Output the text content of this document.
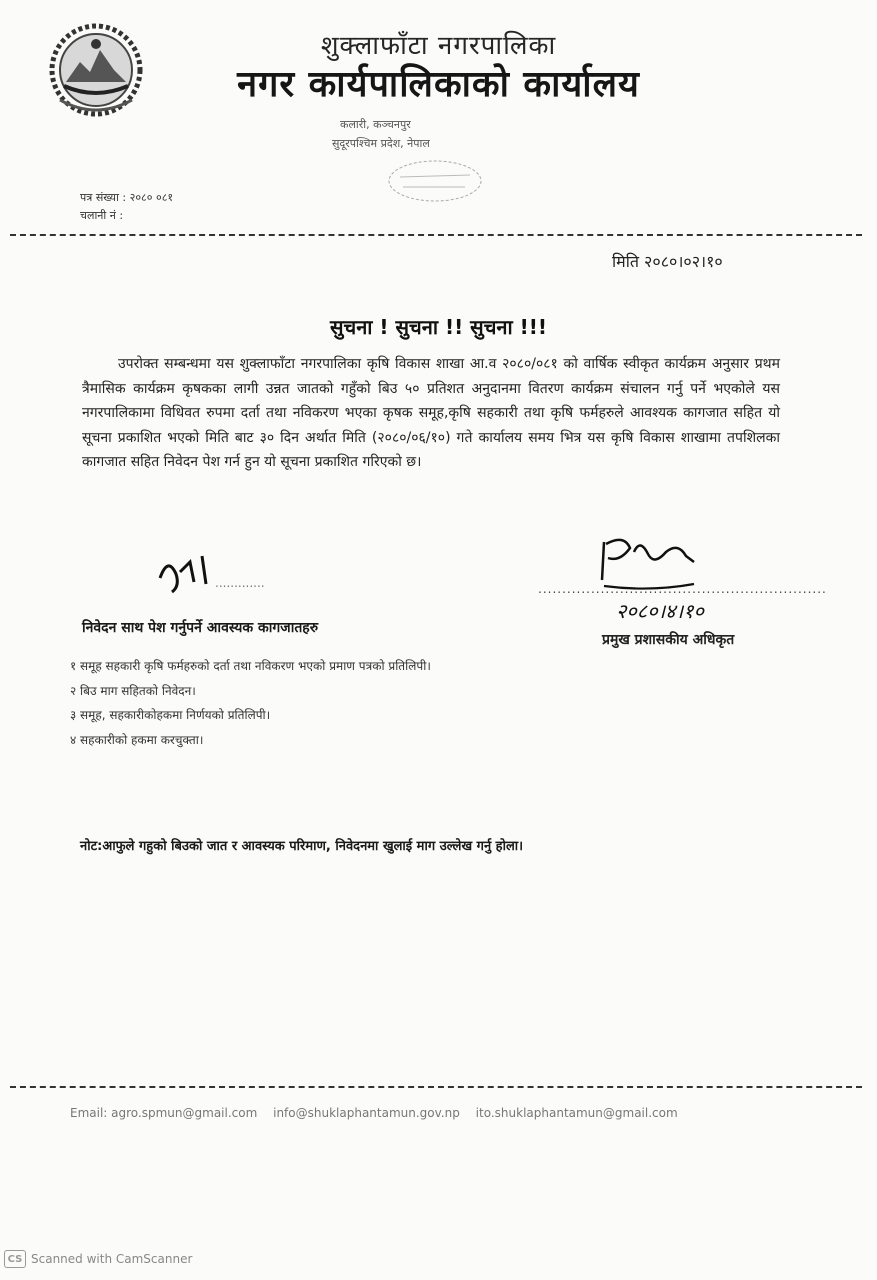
शुक्लाफाँटा नगरपालिका
नगर कार्यपालिकाको कार्यालय
कलारी, कञ्चनपुर
सुदूरपश्चिम प्रदेश, नेपाल
पत्र संख्या : २०८० ०८१
चलानी नं :
मिति २०८०।०२।१०
सुचना ! सुचना !! सुचना !!!
उपरोक्त सम्बन्धमा यस शुक्लाफाँटा नगरपालिका कृषि विकास शाखा आ.व २०८०/०८१ को वार्षिक स्वीकृत कार्यक्रम अनुसार प्रथम त्रैमासिक कार्यक्रम कृषकका लागी उन्नत जातको गहुँको बिउ ५० प्रतिशत अनुदानमा वितरण कार्यक्रम संचालन गर्नु पर्ने भएकोले यस नगरपालिकामा विधिवत रुपमा दर्ता तथा नविकरण भएका कृषक समूह,कृषि सहकारी तथा कृषि फर्महरुले आवश्यक कागजात सहित यो सूचना प्रकाशित भएको मिति बाट ३० दिन अर्थात मिति (२०८०/०६/१०) गते कार्यालय समय भित्र यस कृषि विकास शाखामा तपशिलका कागजात सहित निवेदन पेश गर्न हुन यो सूचना प्रकाशित गरिएको छ।
.............	............................................................
२०८०।४।१०
प्रमुख प्रशासकीय अधिकृत
निवेदन साथ पेश गर्नुपर्ने आवस्यक कागजातहरु
१ समूह सहकारी कृषि फर्महरुको दर्ता तथा नविकरण भएको प्रमाण पत्रको प्रतिलिपी।
२ बिउ माग सहितको निवेदन।
३ समूह, सहकारीकोहकमा निर्णयको प्रतिलिपी।
४ सहकारीको हकमा करचुक्ता।
नोट:आफुले गहुको बिउको जात र आवस्यक परिमाण, निवेदनमा खुलाई माग उल्लेख गर्नु होला।
Email: agro.spmun@gmail.com info@shuklaphantamun.gov.np ito.shuklaphantamun@gmail.com
CS Scanned with CamScanner
